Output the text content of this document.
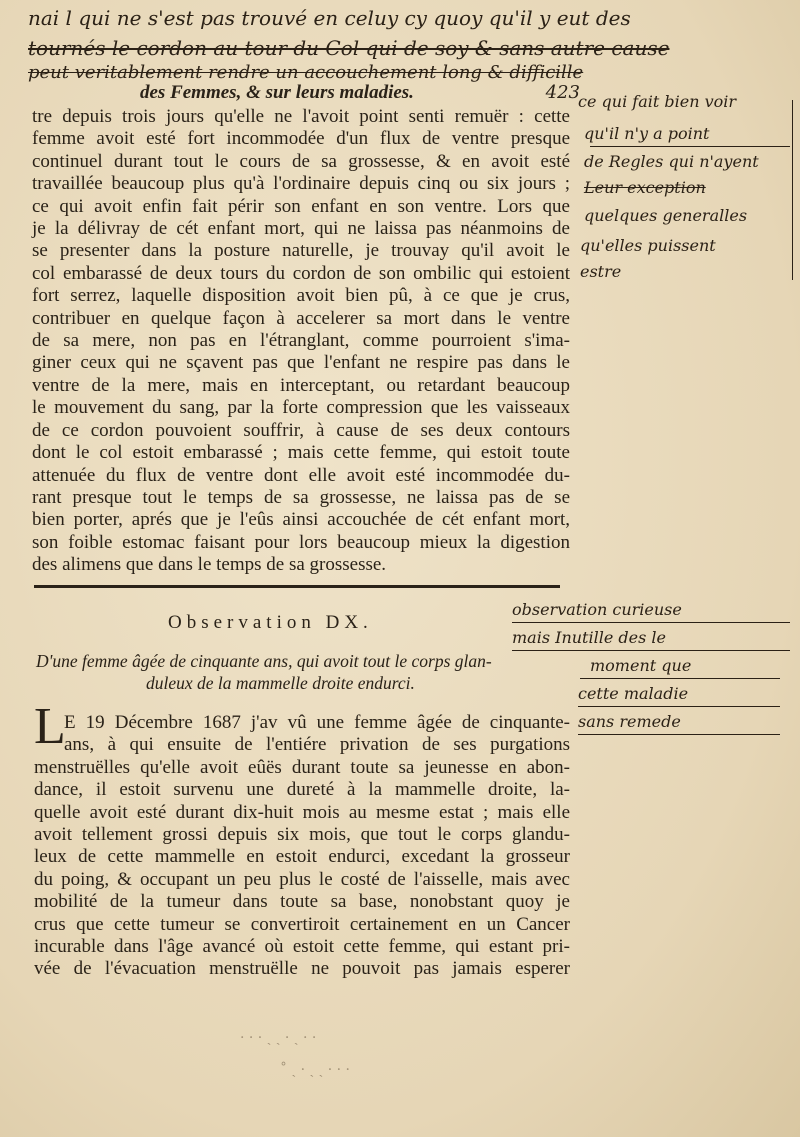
nai l qui ne s'est pas trouvé en celuy cy quoy qu'il y eut des
tournés le cordon au tour du Col qui de soy & sans autre cause
peut veritablement rendre un accouchement long & difficille
des Femmes, & sur leurs maladies.	423
tre depuis trois jours qu'elle ne l'avoit point senti remuër : cette
femme avoit esté fort incommodée d'un flux de ventre presque
continuel durant tout le cours de sa grossesse, & en avoit esté
travaillée beaucoup plus qu'à l'ordinaire depuis cinq ou six jours ;
ce qui avoit enfin fait périr son enfant en son ventre. Lors que
je la délivray de cét enfant mort, qui ne laissa pas néanmoins de
se presenter dans la posture naturelle, je trouvay qu'il avoit le
col embarassé de deux tours du cordon de son ombilic qui estoient
fort serrez, laquelle disposition avoit bien pû, à ce que je crus,
contribuer en quelque façon à accelerer sa mort dans le ventre
de sa mere, non pas en l'étranglant, comme pourroient s'ima-
giner ceux qui ne sçavent pas que l'enfant ne respire pas dans le
ventre de la mere, mais en interceptant, ou retardant beaucoup
le mouvement du sang, par la forte compression que les vaisseaux
de ce cordon pouvoient souffrir, à cause de ses deux contours
dont le col estoit embarassé ; mais cette femme, qui estoit toute
attenuée du flux de ventre dont elle avoit esté incommodée du-
rant presque tout le temps de sa grossesse, ne laissa pas de se
bien porter, aprés que je l'eûs ainsi accouchée de cét enfant mort,
son foible estomac faisant pour lors beaucoup mieux la digestion
des alimens que dans le temps de sa grossesse.
ce qui fait bien voir
qu'il n'y a point
de Regles qui n'ayent
Leur exception
quelques generalles
qu'elles puissent
estre
Observation DX.
D'une femme âgée de cinquante ans, qui avoit tout le corps glan-
duleux de la mammelle droite endurci.
observation curieuse
mais Inutille des le
moment que
cette maladie
sans remede
L
E 19 Décembre 1687 j'av vû une femme âgée de cinquante-
ans, à qui ensuite de l'entiére privation de ses purgations
menstruëlles qu'elle avoit eûës durant toute sa jeunesse en abon-
dance, il estoit survenu une dureté à la mammelle droite, la-
quelle avoit esté durant dix-huit mois au mesme estat ; mais elle
avoit tellement grossi depuis six mois, que tout le corps glandu-
leux de cette mammelle en estoit endurci, excedant la grosseur
du poing, & occupant un peu plus le costé de l'aisselle, mais avec
mobilité de la tumeur dans toute sa base, nonobstant quoy je
crus que cette tumeur se convertiroit certainement en un Cancer
incurable dans l'âge avancé où estoit cette femme, qui estant pri-
vée de l'évacuation menstruëlle ne pouvoit pas jamais esperer
· · · ˎ ˏ · ˎ · ·
˚ ˎ · ˏ ˎ · · ·
